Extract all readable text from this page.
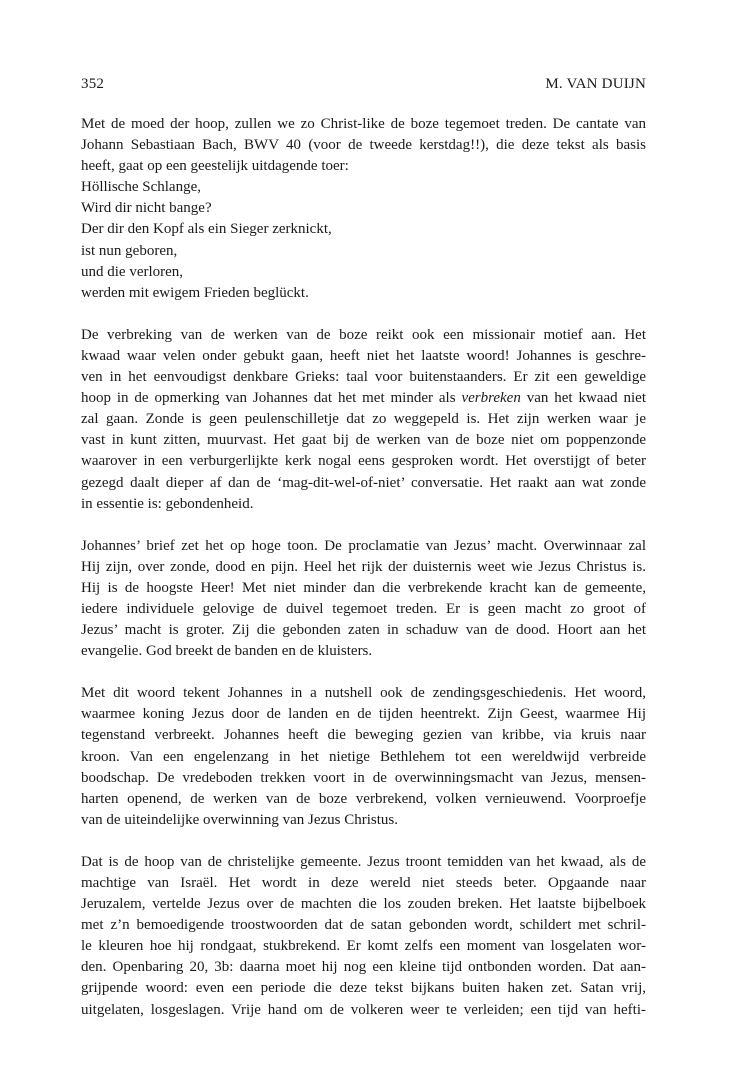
352	M. VAN DUIJN
Met de moed der hoop, zullen we zo Christ-like de boze tegemoet treden. De cantate van
Johann Sebastiaan Bach, BWV 40 (voor de tweede kerstdag!!), die deze tekst als basis
heeft, gaat op een geestelijk uitdagende toer:
Höllische Schlange,
Wird dir nicht bange?
Der dir den Kopf als ein Sieger zerknickt,
ist nun geboren,
und die verloren,
werden mit ewigem Frieden beglückt.
De verbreking van de werken van de boze reikt ook een missionair motief aan. Het
kwaad waar velen onder gebukt gaan, heeft niet het laatste woord! Johannes is geschre-
ven in het eenvoudigst denkbare Grieks: taal voor buitenstaanders. Er zit een geweldige
hoop in de opmerking van Johannes dat het met minder als verbreken van het kwaad niet
zal gaan. Zonde is geen peulenschilletje dat zo weggepeld is. Het zijn werken waar je
vast in kunt zitten, muurvast. Het gaat bij de werken van de boze niet om poppenzonde
waarover in een verburgerlijkte kerk nogal eens gesproken wordt. Het overstijgt of beter
gezegd daalt dieper af dan de ‘mag-dit-wel-of-niet’ conversatie. Het raakt aan wat zonde
in essentie is: gebondenheid.
Johannes’ brief zet het op hoge toon. De proclamatie van Jezus’ macht. Overwinnaar zal
Hij zijn, over zonde, dood en pijn. Heel het rijk der duisternis weet wie Jezus Christus is.
Hij is de hoogste Heer! Met niet minder dan die verbrekende kracht kan de gemeente,
iedere individuele gelovige de duivel tegemoet treden. Er is geen macht zo groot of
Jezus’ macht is groter. Zij die gebonden zaten in schaduw van de dood. Hoort aan het
evangelie. God breekt de banden en de kluisters.
Met dit woord tekent Johannes in a nutshell ook de zendingsgeschiedenis. Het woord,
waarmee koning Jezus door de landen en de tijden heentrekt. Zijn Geest, waarmee Hij
tegenstand verbreekt. Johannes heeft die beweging gezien van kribbe, via kruis naar
kroon. Van een engelenzang in het nietige Bethlehem tot een wereldwijd verbreide
boodschap. De vredeboden trekken voort in de overwinningsmacht van Jezus, mensen-
harten openend, de werken van de boze verbrekend, volken vernieuwend. Voorproefje
van de uiteindelijke overwinning van Jezus Christus.
Dat is de hoop van de christelijke gemeente. Jezus troont temidden van het kwaad, als de
machtige van Israël. Het wordt in deze wereld niet steeds beter. Opgaande naar
Jeruzalem, vertelde Jezus over de machten die los zouden breken. Het laatste bijbelboek
met z’n bemoedigende troostwoorden dat de satan gebonden wordt, schildert met schril-
le kleuren hoe hij rondgaat, stukbrekend. Er komt zelfs een moment van losgelaten wor-
den. Openbaring 20, 3b: daarna moet hij nog een kleine tijd ontbonden worden. Dat aan-
grijpende woord: even een periode die deze tekst bijkans buiten haken zet. Satan vrij,
uitgelaten, losgeslagen. Vrije hand om de volkeren weer te verleiden; een tijd van hefti-
